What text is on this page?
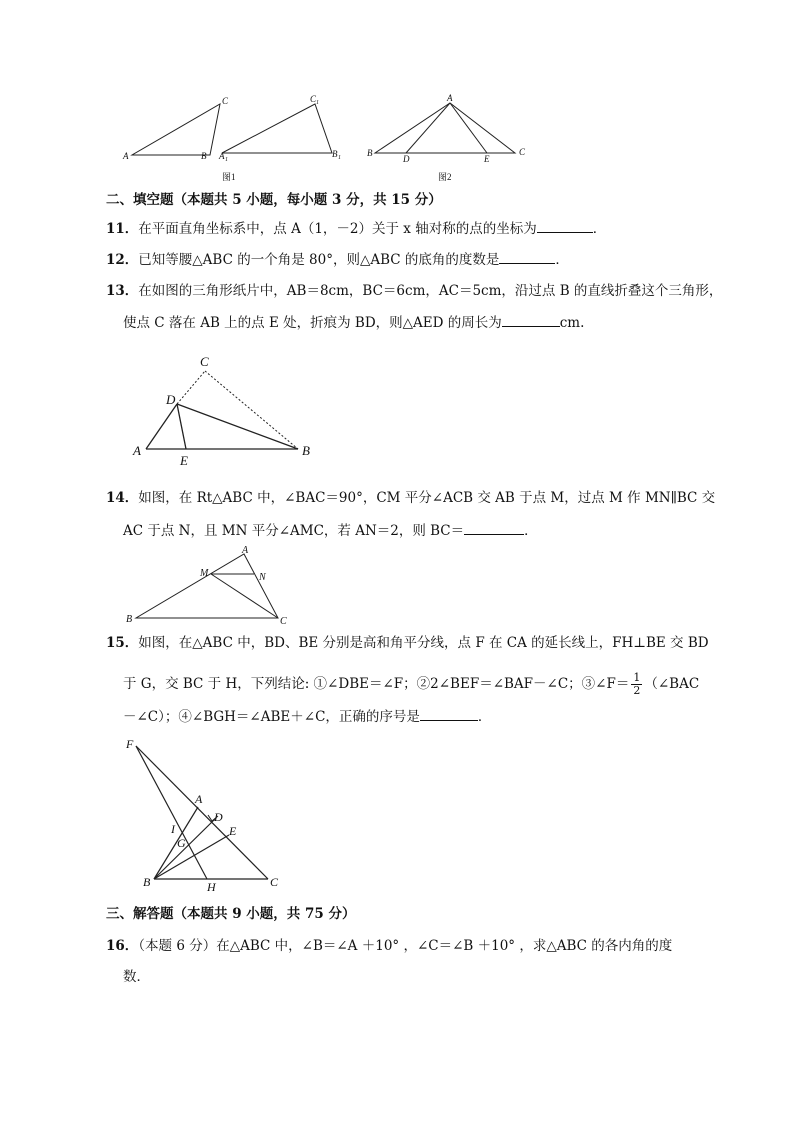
A	B
C
A 1
B 1
C 1
图1
A
B	C
D	E
图2
二、填空题（本题共 5 小题，每小题 3 分，共 15 分）
11．在平面直角坐标系中，点 A（1，－2）关于 x 轴对称的点的坐标为	．
12．已知等腰△ABC 的一个角是 80°，则△ABC 的底角的度数是	．
13．在如图的三角形纸片中，AB＝8cm，BC＝6cm，AC＝5cm，沿过点 B 的直线折叠这个三角形，
使点 C 落在 AB 上的点 E 处，折痕为 BD，则△AED 的周长为	cm.
C
D
A
E
B
14．如图，在 Rt△ABC 中，∠BAC＝90°，CM 平分∠ACB 交 AB 于点 M，过点 M 作 MN∥BC 交
AC 于点 N，且 MN 平分∠AMC，若 AN＝2，则 BC＝	．
A
M	N
B	C
15．如图，在△ABC 中，BD、BE 分别是高和角平分线，点 F 在 CA 的延长线上，FH⊥BE 交 BD
于 G，交 BC 于 H，下列结论: ①∠DBE＝∠F；②2∠BEF＝∠BAF－∠C；③∠F＝ $\frac{1}{2}$ （∠BAC
－∠C）；④∠BGH＝∠ABE＋∠C，正确的序号是	．
F
A
D
E
I
G
B	H	C
三、解答题（本题共 9 小题，共 75 分）
16．（本题 6 分）在△ABC 中，∠B＝∠A ＋10° ，∠C＝∠B ＋10° ，求△ABC 的各内角的度
数．
